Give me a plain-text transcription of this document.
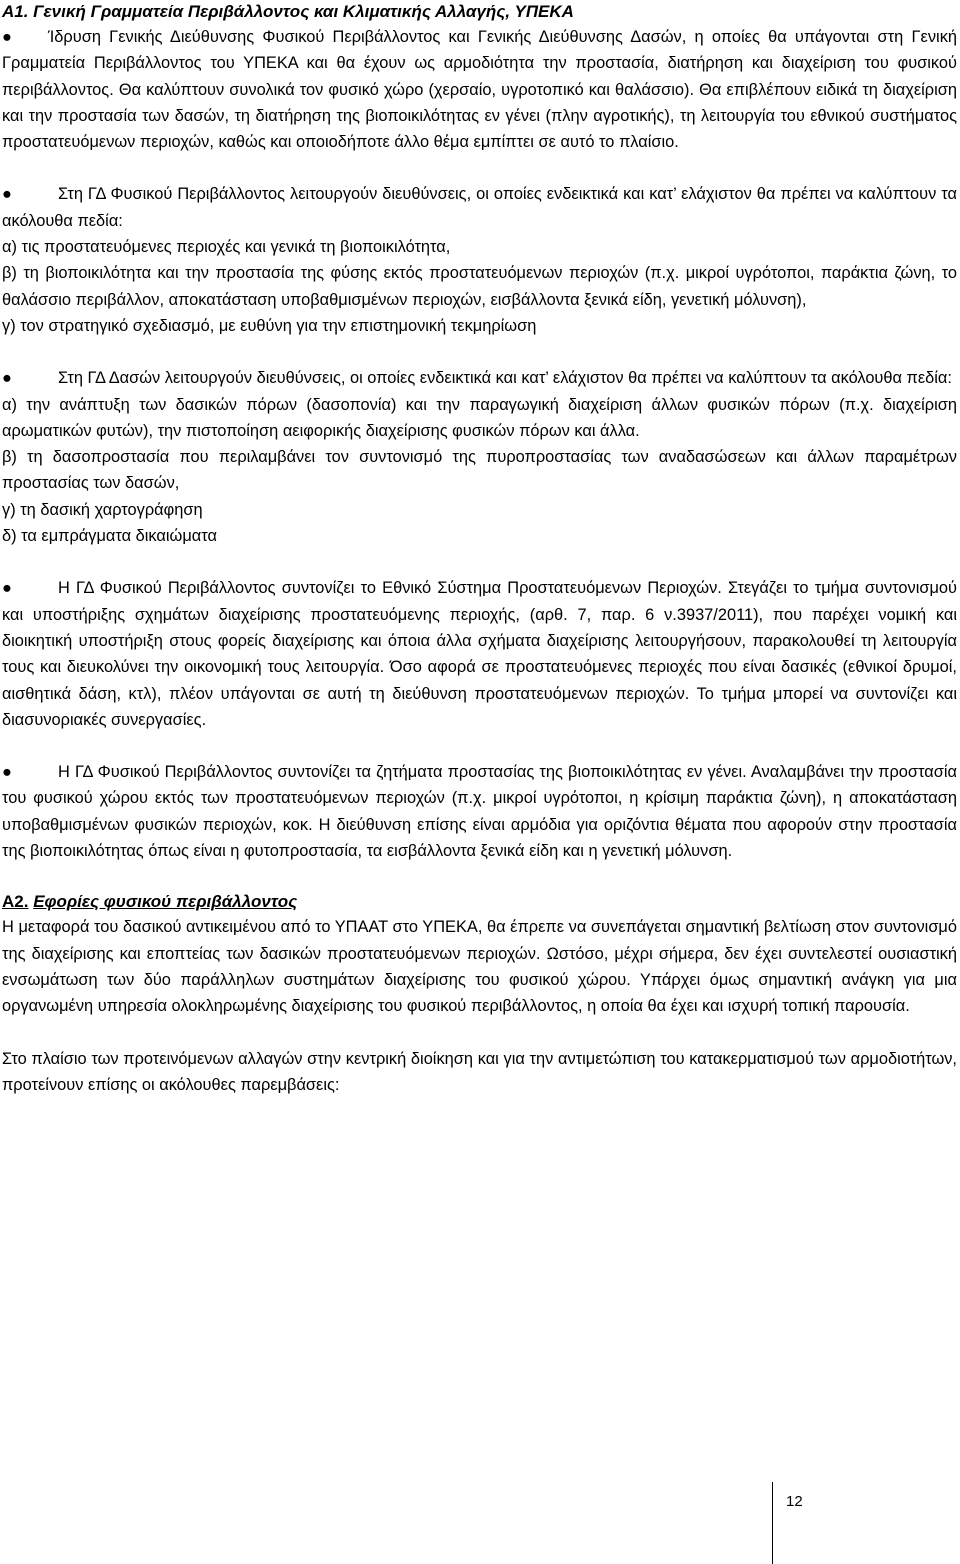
A1. Γενική Γραμματεία Περιβάλλοντος και Κλιματικής Αλλαγής, ΥΠΕΚΑ

● Ίδρυση Γενικής Διεύθυνσης Φυσικού Περιβάλλοντος και Γενικής Διεύθυνσης Δασών, η οποίες θα υπάγονται στη Γενική Γραμματεία Περιβάλλοντος του ΥΠΕΚΑ και θα έχουν ως αρμοδιότητα την προστασία, διατήρηση και διαχείριση του φυσικού περιβάλλοντος. Θα καλύπτουν συνολικά τον φυσικό χώρο (χερσαίο, υγροτοπικό και θαλάσσιο). Θα επιβλέπουν ειδικά τη διαχείριση και την προστασία των δασών, τη διατήρηση της βιοποικιλότητας εν γένει (πλην αγροτικής), τη λειτουργία του εθνικού συστήματος προστατευόμενων περιοχών, καθώς και οποιοδήποτε άλλο θέμα εμπίπτει σε αυτό το πλαίσιο.

●	Στη ΓΔ Φυσικού Περιβάλλοντος λειτουργούν διευθύνσεις, οι οποίες ενδεικτικά και κατ’ ελάχιστον θα πρέπει να καλύπτουν τα ακόλουθα πεδία:

α) τις προστατευόμενες περιοχές και γενικά τη βιοποικιλότητα,

β) τη βιοποικιλότητα και την προστασία της φύσης εκτός προστατευόμενων περιοχών (π.χ. μικροί υγρότοποι, παράκτια ζώνη, το θαλάσσιο περιβάλλον, αποκατάσταση υποβαθμισμένων περιοχών, εισβάλλοντα ξενικά είδη, γενετική μόλυνση),

γ) τον στρατηγικό σχεδιασμό, με ευθύνη για την επιστημονική τεκμηρίωση

●	Στη ΓΔ Δασών λειτουργούν διευθύνσεις, οι οποίες ενδεικτικά και κατ’ ελάχιστον θα πρέπει να καλύπτουν τα ακόλουθα πεδία:

α) την ανάπτυξη των δασικών πόρων (δασοπονία) και την παραγωγική διαχείριση άλλων φυσικών πόρων (π.χ. διαχείριση αρωματικών φυτών), την πιστοποίηση αειφορικής διαχείρισης φυσικών πόρων και άλλα.

β) τη δασοπροστασία που περιλαμβάνει τον συντονισμό της πυροπροστασίας των αναδασώσεων και άλλων παραμέτρων προστασίας των δασών,

γ) τη δασική χαρτογράφηση

δ) τα εμπράγματα δικαιώματα

●	Η ΓΔ Φυσικού Περιβάλλοντος συντονίζει το Εθνικό Σύστημα Προστατευόμενων Περιοχών. Στεγάζει το τμήμα συντονισμού και υποστήριξης σχημάτων διαχείρισης προστατευόμενης περιοχής, (αρθ. 7, παρ. 6 ν.3937/2011), που παρέχει νομική και διοικητική υποστήριξη στους φορείς διαχείρισης και όποια άλλα σχήματα διαχείρισης λειτουργήσουν, παρακολουθεί τη λειτουργία τους και διευκολύνει την οικονομική τους λειτουργία. Όσο αφορά σε προστατευόμενες περιοχές που είναι δασικές (εθνικοί δρυμοί, αισθητικά δάση, κτλ), πλέον υπάγονται σε αυτή τη διεύθυνση προστατευόμενων περιοχών. Το τμήμα μπορεί να συντονίζει και διασυνοριακές συνεργασίες.

●	Η ΓΔ Φυσικού Περιβάλλοντος συντονίζει τα ζητήματα προστασίας της βιοποικιλότητας εν γένει. Αναλαμβάνει την προστασία του φυσικού χώρου εκτός των προστατευόμενων περιοχών (π.χ. μικροί υγρότοποι, η κρίσιμη παράκτια ζώνη), η αποκατάσταση υποβαθμισμένων φυσικών περιοχών, κοκ. Η διεύθυνση επίσης είναι αρμόδια για οριζόντια θέματα που αφορούν στην προστασία της βιοποικιλότητας όπως είναι η φυτοπροστασία, τα εισβάλλοντα ξενικά είδη και η γενετική μόλυνση.

A2. Εφορίες φυσικού περιβάλλοντος

Η μεταφορά του δασικού αντικειμένου από το ΥΠΑΑΤ στο ΥΠΕΚΑ, θα έπρεπε να συνεπάγεται σημαντική βελτίωση στον συντονισμό της διαχείρισης και εποπτείας των δασικών προστατευόμενων περιοχών. Ωστόσο, μέχρι σήμερα, δεν έχει συντελεστεί ουσιαστική ενσωμάτωση των δύο παράλληλων συστημάτων διαχείρισης του φυσικού χώρου. Υπάρχει όμως σημαντική ανάγκη για μια οργανωμένη υπηρεσία ολοκληρωμένης διαχείρισης του φυσικού περιβάλλοντος, η οποία θα έχει και ισχυρή τοπική παρουσία.

Στο πλαίσιο των προτεινόμενων αλλαγών στην κεντρική διοίκηση και για την αντιμετώπιση του κατακερματισμού των αρμοδιοτήτων, προτείνουν επίσης οι ακόλουθες παρεμβάσεις:

12
